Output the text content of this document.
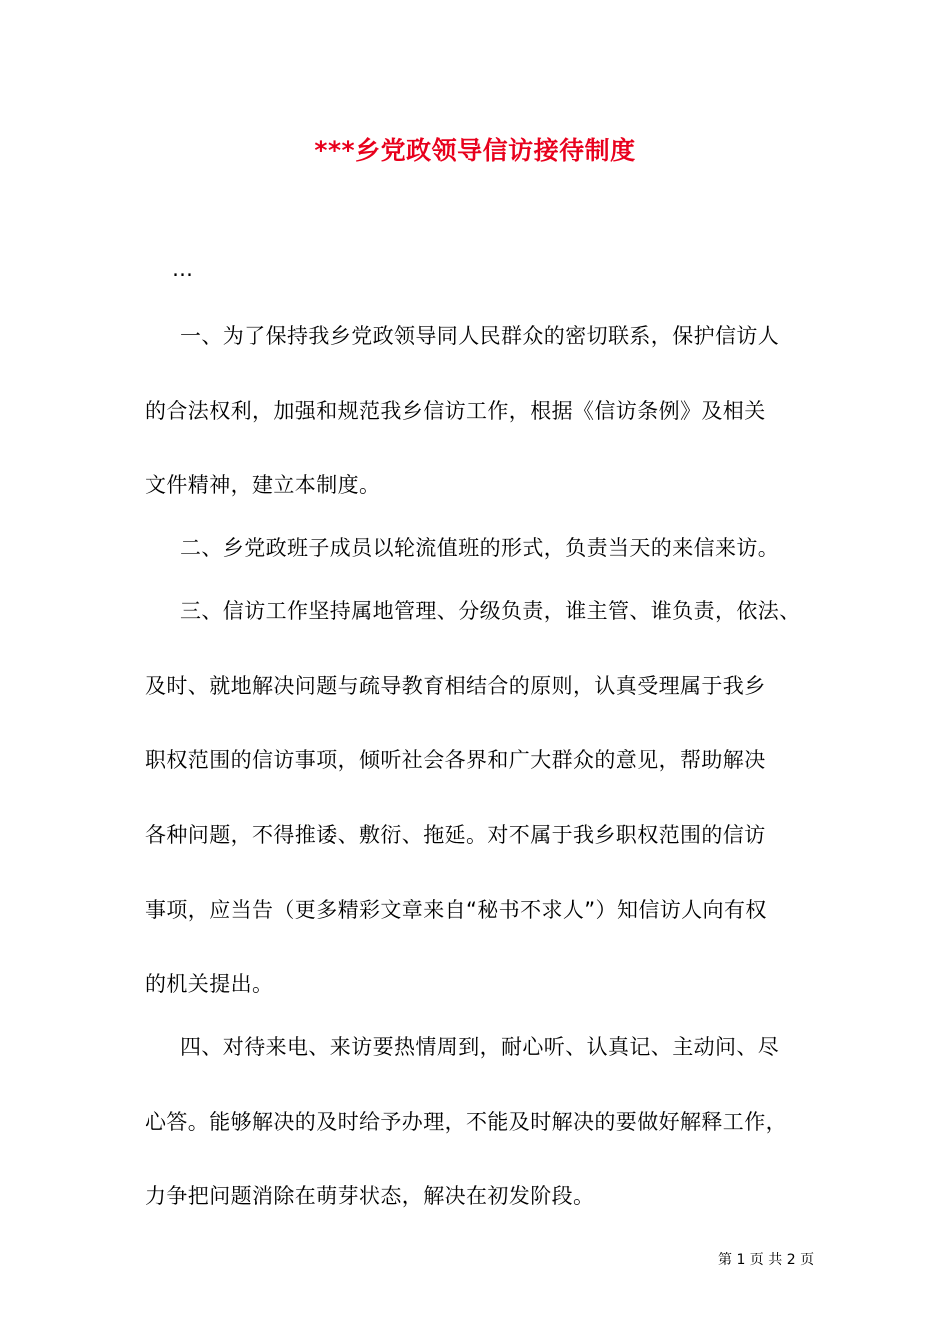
***乡党政领导信访接待制度
…
一、为了保持我乡党政领导同人民群众的密切联系，保护信访人
的合法权利，加强和规范我乡信访工作，根据《信访条例》及相关
文件精神，建立本制度。
二、乡党政班子成员以轮流值班的形式，负责当天的来信来访。
三、信访工作坚持属地管理、分级负责，谁主管、谁负责，依法、
及时、就地解决问题与疏导教育相结合的原则，认真受理属于我乡
职权范围的信访事项，倾听社会各界和广大群众的意见，帮助解决
各种问题，不得推诿、敷衍、拖延。对不属于我乡职权范围的信访
事项，应当告（更多精彩文章来自“秘书不求人”）知信访人向有权
的机关提出。
四、对待来电、来访要热情周到，耐心听、认真记、主动问、尽
心答。能够解决的及时给予办理，不能及时解决的要做好解释工作，
力争把问题消除在萌芽状态，解决在初发阶段。
第 1 页 共 2 页
